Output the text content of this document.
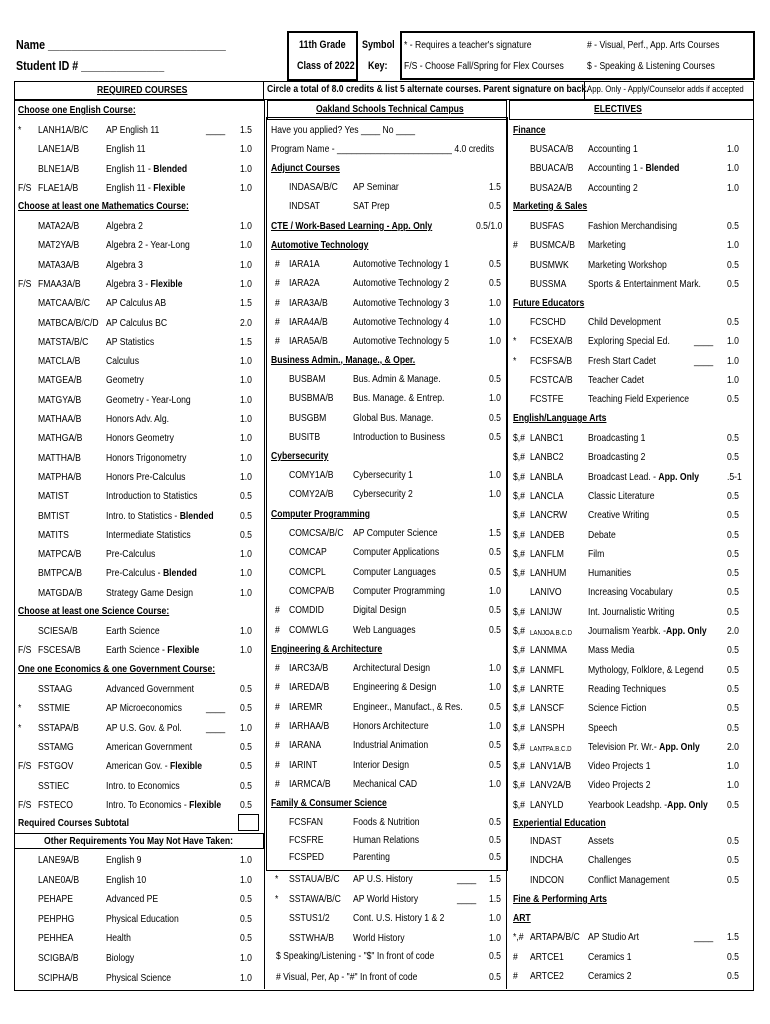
Name ______________________________
Student ID # ______________
11th Grade
Class of 2022
Symbol
Key:
* - Requires a teacher's signature
F/S - Choose Fall/Spring for Flex Courses
# - Visual, Perf., App. Arts Courses
$ - Speaking & Listening Courses
REQUIRED COURSES	Circle a total of 8.0 credits & list 5 alternate courses. Parent signature on back.
App. Only - Apply/Counselor adds if accepted
Oakland Schools Technical Campus	ELECTIVES
Choose one English Course:
* LANH1A/B/C AP English 11	____ 1.5
LANE1A/B	English 11	1.0
BLNE1A/B	English 11 - Blended	1.0
F/S FLAE1A/B	English 11 - Flexible	1.0
Choose at least one Mathematics Course:
MATA2A/B	Algebra 2	1.0
MAT2YA/B	Algebra 2 - Year-Long	1.0
MATA3A/B	Algebra 3	1.0
F/S FMAA3A/B Algebra 3 - Flexible	1.0
MATCAA/B/C AP Calculus AB	1.5
MATBCA/B/C/D AP Calculus BC	2.0
MATSTA/B/C AP Statistics	1.5
MATCLA/B Calculus	1.0
MATGEA/B Geometry	1.0
MATGYA/B Geometry - Year-Long	1.0
MATHAA/B Honors Adv. Alg.	1.0
MATHGA/B Honors Geometry	1.0
MATTHA/B Honors Trigonometry	1.0
MATPHA/B Honors Pre-Calculus	1.0
MATIST	Introduction to Statistics	0.5
BMTIST	Intro. to Statistics - Blended	0.5
MATITS	Intermediate Statistics	0.5
MATPCA/B Pre-Calculus	1.0
BMTPCA/B Pre-Calculus - Blended	1.0
MATGDA/B Strategy Game Design	1.0
Choose at least one Science Course:
SCIESA/B	Earth Science	1.0
F/S FSCESA/B Earth Science - Flexible	1.0
One one Economics & one Government Course:
SSTAAG	Advanced Government	0.5
* SSTMIE	AP Microeconomics ____ 0.5
* SSTAPA/B	AP U.S. Gov. & Pol. ____ 1.0
SSTAMG	American Government	0.5
F/S FSTGOV	American Gov. - Flexible	0.5
SSTIEC	Intro. to Economics	0.5
F/S FSTECO	Intro. To Economics - Flexible 0.5
Required Courses Subtotal
Other Requirements You May Not Have Taken:
LANE9A/B	English 9	1.0
LANE0A/B	English 10	1.0
PEHAPE	Advanced PE	0.5
PEHPHG	Physical Education	0.5
PEHHEA	Health	0.5
SCIGBA/B	Biology	1.0
SCIPHA/B	Physical Science	1.0
Have you applied? Yes ____ No ____
Program Name - ________________________ 4.0 credits
Adjunct Courses
INDASA/B/C AP Seminar	1.5
INDSAT	SAT Prep	0.5
CTE / Work-Based Learning - App. Only	0.5/1.0
Automotive Technology
# IARA1A	Automotive Technology 1	0.5
# IARA2A	Automotive Technology 2	0.5
# IARA3A/B Automotive Technology 3	1.0
# IARA4A/B Automotive Technology 4	1.0
# IARA5A/B Automotive Technology 5	1.0
Business Admin., Manage., & Oper.
BUSBAM	Bus. Admin & Manage.	0.5
BUSBMA/B Bus. Manage. & Entrep.	1.0
BUSGBM	Global Bus. Manage.	0.5
BUSITB	Introduction to Business	0.5
Cybersecurity
COMY1A/B Cybersecurity 1	1.0
COMY2A/B Cybersecurity 2	1.0
Computer Programming
COMCSA/B/C AP Computer Science	1.5
COMCAP Computer Applications	0.5
COMCPL	Computer Languages	0.5
COMCPA/B Computer Programming	1.0
# COMDID	Digital Design	0.5
# COMWLG Web Languages	0.5
Engineering & Architecture
# IARC3A/B Architectural Design	1.0
# IAREDA/B Engineering & Design	1.0
# IAREMR	Engineer., Manufact., & Res.	0.5
# IARHAA/B Honors Architecture	1.0
# IARANA	Industrial Animation	0.5
# IARINT	Interior Design	0.5
# IARMCA/B Mechanical CAD	1.0
Family & Consumer Science
FCSFAN	Foods & Nutrition	0.5
FCSFRE	Human Relations	0.5
FCSPED	Parenting	0.5
* SSTAUA/B/C AP U.S. History	____ 1.5
* SSTAWA/B/C AP World History	____ 1.5
SSTUS1/2 Cont. U.S. History 1 & 2	1.0
SSTWHA/B World History	1.0
$ Speaking/Listening - "$" In front of code	0.5
# Visual, Per, Ap - "#" In front of code	0.5
Finance
BUSACA/B Accounting 1	1.0
BBUACA/B Accounting 1 - Blended	1.0
BUSA2A/B Accounting 2	1.0
Marketing & Sales
BUSFAS Fashion Merchandising	0.5
# BUSMCA/B Marketing	1.0
BUSMWK Marketing Workshop	0.5
BUSSMA Sports & Entertainment Mark. 0.5
Future Educators
FCSCHD Child Development	0.5
* FCSEXA/B Exploring Special Ed. ____ 1.0
* FCSFSA/B Fresh Start Cadet	____ 1.0
FCSTCA/B Teacher Cadet	1.0
FCSTFE Teaching Field Experience	0.5
English/Language Arts
$,# LANBC1 Broadcasting 1	0.5
$,# LANBC2 Broadcasting 2	0.5
$,# LANBLA Broadcast Lead. - App. Only	.5-1
$,# LANCLA Classic Literature	0.5
$,# LANCRW Creative Writing	0.5
$,# LANDEB Debate	0.5
$,# LANFLM Film	0.5
$,# LANHUM Humanities	0.5
LANIVO	Increasing Vocabulary	0.5
$,# LANIJW	Int. Journalistic Writing	0.5
$,# LANJOA.B.C.D Journalism Yearbk. -App. Only 2.0
$,# LANMMA Mass Media	0.5
$,# LANMFL Mythology, Folklore, & Legend 0.5
$,# LANRTE Reading Techniques	0.5
$,# LANSCF Science Fiction	0.5
$,# LANSPH Speech	0.5
$,# LANTPA.B.C.D Television Pr. Wr.- App. Only	2.0
$,# LANV1A/B Video Projects 1	1.0
$,# LANV2A/B Video Projects 2	1.0
$,# LANYLD Yearbook Leadshp. -App. Only 0.5
Experiential Education
INDAST	Assets	0.5
INDCHA Challenges	0.5
INDCON Conflict Management	0.5
Fine & Performing Arts
ART
*,# ARTAPA/B/C AP Studio Art	____ 1.5
# ARTCE1 Ceramics 1	0.5
# ARTCE2 Ceramics 2	0.5
